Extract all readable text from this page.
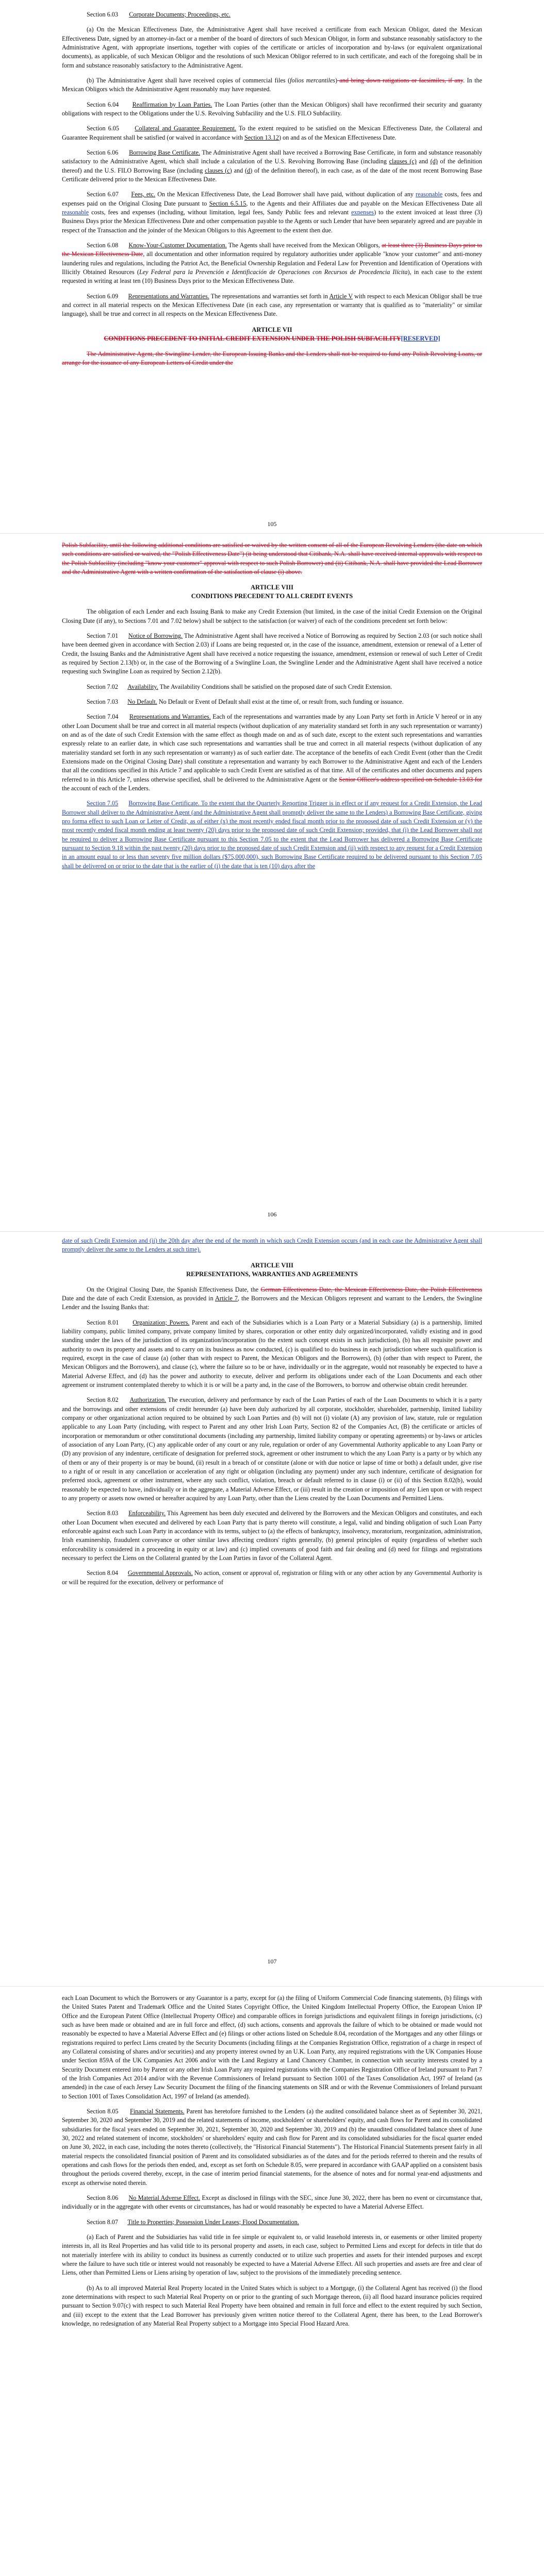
Section 6.03 Corporate Documents; Proceedings, etc.

(a) On the Mexican Effectiveness Date, the Administrative Agent shall have received a certificate from each Mexican Obligor, dated the Mexican Effectiveness Date, signed by an attorney-in-fact or a member of the board of directors of such Mexican Obligor, in form and substance reasonably satisfactory to the Administrative Agent, with appropriate insertions, together with copies of the certificate or articles of incorporation and by-laws (or equivalent organizational documents), as applicable, of such Mexican Obligor and the resolutions of such Mexican Obligor referred to in such certificate, and each of the foregoing shall be in form and substance reasonably satisfactory to the Administrative Agent.

(b) The Administrative Agent shall have received copies of commercial files (folios mercantiles) and bring down ratigations or facsimiles, if any. In the Mexican Obligors which the Administrative Agent reasonably may have requested.

Section 6.04 Reaffirmation by Loan Parties. The Loan Parties (other than the Mexican Obligors) shall have reconfirmed their security and guaranty obligations with respect to the Obligations under the U.S. Revolving Subfacility and the U.S. FILO Subfacility.

Section 6.05 Collateral and Guarantee Requirement. To the extent required to be satisfied on the Mexican Effectiveness Date, the Collateral and Guarantee Requirement shall be satisfied (or waived in accordance with Section 13.12) on and as of the Mexican Effectiveness Date.

Section 6.06 Borrowing Base Certificate. The Administrative Agent shall have received a Borrowing Base Certificate, in form and substance reasonably satisfactory to the Administrative Agent, which shall include a calculation of the U.S. Revolving Borrowing Base (including clauses (c) and (d) of the definition thereof) and the U.S. FILO Borrowing Base (including clauses (c) and (d) of the definition thereof), in each case, as of the date of the most recent Borrowing Base Certificate delivered prior to the Mexican Effectiveness Date.

Section 6.07 Fees, etc. On the Mexican Effectiveness Date, the Lead Borrower shall have paid, without duplication of any reasonable costs, fees and expenses paid on the Original Closing Date pursuant to Section 6.5.15, to the Agents and their Affiliates due and payable on the Mexican Effectiveness Date all reasonable costs, fees and expenses (including, without limitation, legal fees, Sandy Public fees and relevant expenses) to the extent invoiced at least three (3) Business Days prior the Mexican Effectiveness Date and other compensation payable to the Agents or such Lender that have been separately agreed and are payable in respect of the Transaction and the joinder of the Mexican Obligors to this Agreement to the extent then due.

Section 6.08 Know-Your-Customer Documentation. The Agents shall have received from the Mexican Obligors, at least three (3) Business Days prior to the Mexican Effectiveness Date, all documentation and other information required by regulatory authorities under applicable "know your customer" and anti-money laundering rules and regulations, including the Patriot Act, the Beneficial Ownership Regulation and Federal Law for Prevention and Identification of Operations with Illicitly Obtained Resources (Ley Federal para la Prevención e Identificación de Operaciones con Recursos de Procedencia Ilícita), in each case to the extent requested in writing at least ten (10) Business Days prior to the Mexican Effectiveness Date.

Section 6.09 Representations and Warranties. The representations and warranties set forth in Article V with respect to each Mexican Obligor shall be true and correct in all material respects on the Mexican Effectiveness Date (in each case, any representation or warranty that is qualified as to "materiality" or similar language), shall be true and correct in all respects on the Mexican Effectiveness Date.

ARTICLE VII
CONDITIONS PRECEDENT TO INITIAL CREDIT EXTENSION UNDER THE POLISH SUBFACILITY[RESERVED]

The Administrative Agent, the Swingline Lender, the European Issuing Banks and the Lenders shall not be required to fund any Polish Revolving Loans, or arrange for the issuance of any European Letters of Credit under the

105

Polish Subfacility, until the following additional conditions are satisfied or waived by the written consent of all of the European Revolving Lenders (the date on which such conditions are satisfied or waived, the "Polish Effectiveness Date") (it being understood that Citibank, N.A. shall have received internal approvals with respect to the Polish Subfacility (including "know your customer" approval with respect to such Polish Borrower) and (ii) Citibank, N.A. shall have provided the Lead Borrower and the Administrative Agent with a written confirmation of the satisfaction of clause (i) above.

ARTICLE VIII
CONDITIONS PRECEDENT TO ALL CREDIT EVENTS

The obligation of each Lender and each Issuing Bank to make any Credit Extension (but limited, in the case of the initial Credit Extension on the Original Closing Date (if any), to Sections 7.01 and 7.02 below) shall be subject to the satisfaction (or waiver) of each of the conditions precedent set forth below:

Section 7.01 Notice of Borrowing. The Administrative Agent shall have received a Notice of Borrowing as required by Section 2.03 (or such notice shall have been deemed given in accordance with Section 2.03) if Loans are being requested or, in the case of the issuance, amendment, extension or renewal of a Letter of Credit, the Issuing Banks and the Administrative Agent shall have received a notice requesting the issuance, amendment, extension or renewal of such Letter of Credit as required by Section 2.13(b) or, in the case of the Borrowing of a Swingline Loan, the Swingline Lender and the Administrative Agent shall have received a notice requesting such Swingline Loan as required by Section 2.12(b).

Section 7.02 Availability. The Availability Conditions shall be satisfied on the proposed date of such Credit Extension.

Section 7.03 No Default. No Default or Event of Default shall exist at the time of, or result from, such funding or issuance.

Section 7.04 Representations and Warranties. Each of the representations and warranties made by any Loan Party set forth in Article V hereof or in any other Loan Document shall be true and correct in all material respects (without duplication of any materiality standard set forth in any such representation or warranty) on and as of the date of such Credit Extension with the same effect as though made on and as of such date, except to the extent such representations and warranties expressly relate to an earlier date, in which case such representations and warranties shall be true and correct in all material respects (without duplication of any materiality standard set forth in any such representation or warranty) as of such earlier date. The acceptance of the benefits of each Credit Event (other than the Credit Extensions made on the Original Closing Date) shall constitute a representation and warranty by each Borrower to the Administrative Agent and each of the Lenders that all the conditions specified in this Article 7 and applicable to such Credit Event are satisfied as of that time. All of the certificates and other documents and papers referred to in this Article 7, unless otherwise specified, shall be delivered to the Administrative Agent or the Senior Officer's address specified on Schedule 13.03 for the account of each of the Lenders.

Section 7.05 Borrowing Base Certificate. To the extent that the Quarterly Reporting Trigger is in effect or if any request for a Credit Extension, the Lead Borrower shall deliver to the Administrative Agent (and the Administrative Agent shall promptly deliver the same to the Lenders) a Borrowing Base Certificate, giving pro forma effect to such Loan or Letter of Credit, as of either (x) the most recently ended fiscal month prior to the proposed date of such Credit Extension or (y) the most recently ended fiscal month ending at least twenty (20) days prior to the proposed date of such Credit Extension; provided, that (i) the Lead Borrower shall not be required to deliver a Borrowing Base Certificate pursuant to this Section 7.05 to the extent that the Lead Borrower has delivered a Borrowing Base Certificate pursuant to Section 9.18 within the past twenty (20) days prior to the proposed date of such Credit Extension and (ii) with respect to any request for a Credit Extension in an amount equal to or less than seventy five million dollars ($75,000,000), such Borrowing Base Certificate required to be delivered pursuant to this Section 7.05 shall be delivered on or prior to the date that is the earlier of (i) the date that is ten (10) days after the

106

date of such Credit Extension and (ii) the 20th day after the end of the month in which such Credit Extension occurs (and in each case the Administrative Agent shall promptly deliver the same to the Lenders at such time).

ARTICLE VIII
REPRESENTATIONS, WARRANTIES AND AGREEMENTS

On the Original Closing Date, the Spanish Effectiveness Date, the German Effectiveness Date, the Mexican Effectiveness Date, the Polish Effectiveness Date and the date of each Credit Extension, as provided in Article 7, the Borrowers and the Mexican Obligors represent and warrant to the Lenders, the Swingline Lender and the Issuing Banks that:

Section 8.01 Organization; Powers. Parent and each of the Subsidiaries which is a Loan Party or a Material Subsidiary (a) is a partnership, limited liability company, public limited company, private company limited by shares, corporation or other entity duly organized/incorporated, validly existing and in good standing under the laws of the jurisdiction of its organization/incorporation (to the extent such concept exists in such jurisdiction), (b) has all requisite power and authority to own its property and assets and to carry on its business as now conducted, (c) is qualified to do business in each jurisdiction where such qualification is required, except in the case of clause (a) (other than with respect to Parent, the Mexican Obligors and the Borrowers), (b) (other than with respect to Parent, the Mexican Obligors and the Borrowers), and clause (c), where the failure so to be or have, individually or in the aggregate, would not reasonably be expected to have a Material Adverse Effect, and (d) has the power and authority to execute, deliver and perform its obligations under each of the Loan Documents and each other agreement or instrument contemplated thereby to which it is or will be a party and, in the case of the Borrowers, to borrow and otherwise obtain credit hereunder.

Section 8.02 Authorization. The execution, delivery and performance by each of the Loan Parties of each of the Loan Documents to which it is a party and the borrowings and other extensions of credit hereunder (a) have been duly authorized by all corporate, stockholder, shareholder, partnership, limited liability company or other organizational action required to be obtained by such Loan Parties and (b) will not (i) violate (A) any provision of law, statute, rule or regulation applicable to any Loan Party (including, with respect to Parent and any other Irish Loan Party, Section 82 of the Companies Act, (B) the certificate or articles of incorporation or memorandum or other constitutional documents (including any partnership, limited liability company or operating agreements) or by-laws or articles of association of any Loan Party, (C) any applicable order of any court or any rule, regulation or order of any Governmental Authority applicable to any Loan Party or (D) any provision of any indenture, certificate of designation for preferred stock, agreement or other instrument to which the any Loan Party is a party or by which any of them or any of their property is or may be bound, (ii) result in a breach of or constitute (alone or with due notice or lapse of time or both) a default under, give rise to a right of or result in any cancellation or acceleration of any right or obligation (including any payment) under any such indenture, certificate of designation for preferred stock, agreement or other instrument, where any such conflict, violation, breach or default referred to in clause (i) or (ii) of this Section 8.02(b), would reasonably be expected to have, individually or in the aggregate, a Material Adverse Effect, or (iii) result in the creation or imposition of any Lien upon or with respect to any property or assets now owned or hereafter acquired by any Loan Party, other than the Liens created by the Loan Documents and Permitted Liens.

Section 8.03 Enforceability. This Agreement has been duly executed and delivered by the Borrowers and the Mexican Obligors and constitutes, and each other Loan Document when executed and delivered by each Loan Party that is party thereto will constitute, a legal, valid and binding obligation of such Loan Party enforceable against each such Loan Party in accordance with its terms, subject to (a) the effects of bankruptcy, insolvency, moratorium, reorganization, administration, Irish examinership, fraudulent conveyance or other similar laws affecting creditors' rights generally, (b) general principles of equity (regardless of whether such enforceability is considered in a proceeding in equity or at law) and (c) implied covenants of good faith and fair dealing and (d) need for filings and registrations necessary to perfect the Liens on the Collateral granted by the Loan Parties in favor of the Collateral Agent.

Section 8.04 Governmental Approvals. No action, consent or approval of, registration or filing with or any other action by any Governmental Authority is or will be required for the execution, delivery or performance of

107

each Loan Document to which the Borrowers or any Guarantor is a party, except for (a) the filing of Uniform Commercial Code financing statements, (b) filings with the United States Patent and Trademark Office and the United States Copyright Office, the United Kingdom Intellectual Property Office, the European Union IP Office and the European Patent Office (Intellectual Property Office) and comparable offices in foreign jurisdictions and equivalent filings in foreign jurisdictions, (c) such as have been made or obtained and are in full force and effect, (d) such actions, consents and approvals the failure of which to be obtained or made would not reasonably be expected to have a Material Adverse Effect and (e) filings or other actions listed on Schedule 8.04, recordation of the Mortgages and any other filings or registrations required to perfect Liens created by the Security Documents (including filings at the Companies Registration Office, registration of a charge in respect of any Collateral consisting of shares and/or securities) and any property interest owned by an U.K. Loan Party, any required registrations with the UK Companies House under Section 859A of the UK Companies Act 2006 and/or with the Land Registry at Land Chancery Chamber, in connection with security interests created by a Security Document entered into by Parent or any other Irish Loan Party any required registrations with the Companies Registration Office of Ireland pursuant to Part 7 of the Irish Companies Act 2014 and/or with the Revenue Commissioners of Ireland pursuant to Section 1001 of the Taxes Consolidation Act, 1997 of Ireland (as amended) in the case of each Jersey Law Security Document the filing of the financing statements on SIR and or with the Revenue Commissioners of Ireland pursuant to Section 1001 of Taxes Consolidation Act, 1997 of Ireland (as amended).

Section 8.05 Financial Statements. Parent has heretofore furnished to the Lenders (a) the audited consolidated balance sheet as of September 30, 2021, September 30, 2020 and September 30, 2019 and the related statements of income, stockholders' or shareholders' equity, and cash flows for Parent and its consolidated subsidiaries for the fiscal years ended on September 30, 2021, September 30, 2020 and September 30, 2019 and (b) the unaudited consolidated balance sheet of June 30, 2022 and related statement of income, stockholders' or shareholders' equity and cash flow for Parent and its consolidated subsidiaries for the fiscal quarter ended on June 30, 2022, in each case, including the notes thereto (collectively, the "Historical Financial Statements"). The Historical Financial Statements present fairly in all material respects the consolidated financial position of Parent and its consolidated subsidiaries as of the dates and for the periods referred to therein and the results of operations and cash flows for the periods then ended, and, except as set forth on Schedule 8.05, were prepared in accordance with GAAP applied on a consistent basis throughout the periods covered thereby, except, in the case of interim period financial statements, for the absence of notes and for normal year-end adjustments and except as otherwise noted therein.

Section 8.06 No Material Adverse Effect. Except as disclosed in filings with the SEC, since June 30, 2022, there has been no event or circumstance that, individually or in the aggregate with other events or circumstances, has had or would reasonably be expected to have a Material Adverse Effect.

Section 8.07 Title to Properties; Possession Under Leases; Flood Documentation.

(a) Each of Parent and the Subsidiaries has valid title in fee simple or equivalent to, or valid leasehold interests in, or easements or other limited property interests in, all its Real Properties and has valid title to its personal property and assets, in each case, subject to Permitted Liens and except for defects in title that do not materially interfere with its ability to conduct its business as currently conducted or to utilize such properties and assets for their intended purposes and except where the failure to have such title or interest would not reasonably be expected to have a Material Adverse Effect. All such properties and assets are free and clear of Liens, other than Permitted Liens or Liens arising by operation of law, subject to the provisions of the immediately preceding sentence.

(b) As to all improved Material Real Property located in the United States which is subject to a Mortgage, (i) the Collateral Agent has received (i) the flood zone determinations with respect to such Material Real Property on or prior to the granting of such Mortgage thereon, (ii) all flood hazard insurance policies required pursuant to Section 9.07(c) with respect to such Material Real Property have been obtained and remain in full force and effect to the extent required by such Section, and (iii) except to the extent that the Lead Borrower has previously given written notice thereof to the Collateral Agent, there has been, to the Lead Borrower's knowledge, no redesignation of any Material Real Property subject to a Mortgage into Special Flood Hazard Area.
